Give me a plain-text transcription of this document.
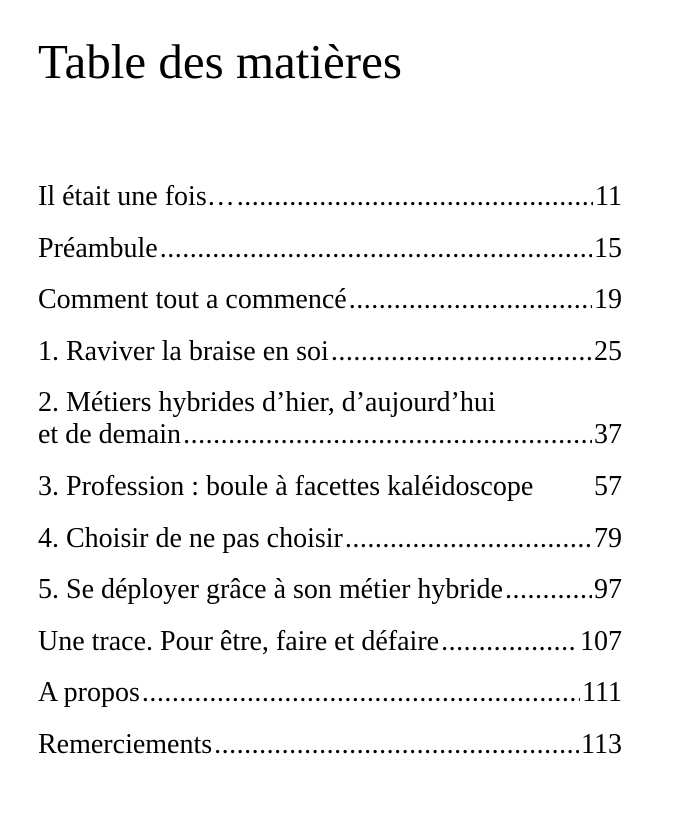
Table des matières
Il était une fois… .....	11
Préambule .....	15
Comment tout a commencé .....	19
1. Raviver la braise en soi .....	25
2. Métiers hybrides d’hier, d’aujourd’hui
et de demain .....	37
3. Profession : boule à facettes kaléidoscope 57
4. Choisir de ne pas choisir .....	79
5. Se déployer grâce à son métier hybride .....	97
Une trace. Pour être, faire et défaire .....	107
A propos .....	111
Remerciements .....	113
